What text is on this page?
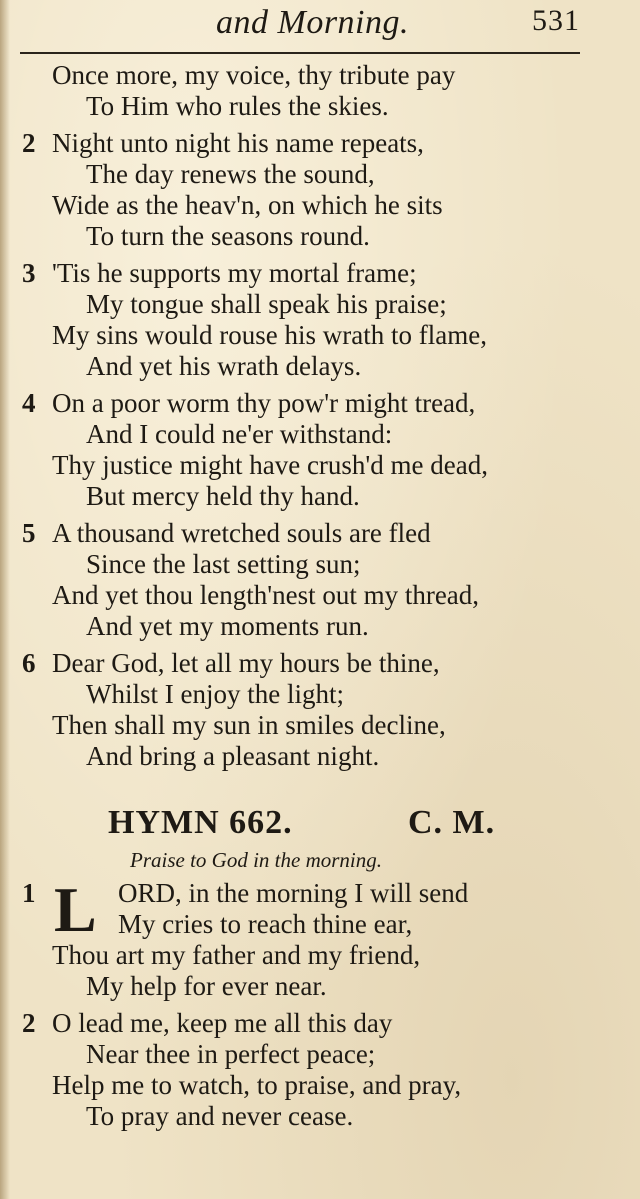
and Morning.	531
Once more, my voice, thy tribute pay
To Him who rules the skies.
2 Night unto night his name repeats,
The day renews the sound,
Wide as the heav'n, on which he sits
To turn the seasons round.
3 'Tis he supports my mortal frame;
My tongue shall speak his praise;
My sins would rouse his wrath to flame,
And yet his wrath delays.
4 On a poor worm thy pow'r might tread,
And I could ne'er withstand:
Thy justice might have crush'd me dead,
But mercy held thy hand.
5 A thousand wretched souls are fled
Since the last setting sun;
And yet thou length'nest out my thread,
And yet my moments run.
6 Dear God, let all my hours be thine,
Whilst I enjoy the light;
Then shall my sun in smiles decline,
And bring a pleasant night.
HYMN 662.	C. M.
Praise to God in the morning.
1 L ORD, in the morning I will send
My cries to reach thine ear,
Thou art my father and my friend,
My help for ever near.
2 O lead me, keep me all this day
Near thee in perfect peace;
Help me to watch, to praise, and pray,
To pray and never cease.
